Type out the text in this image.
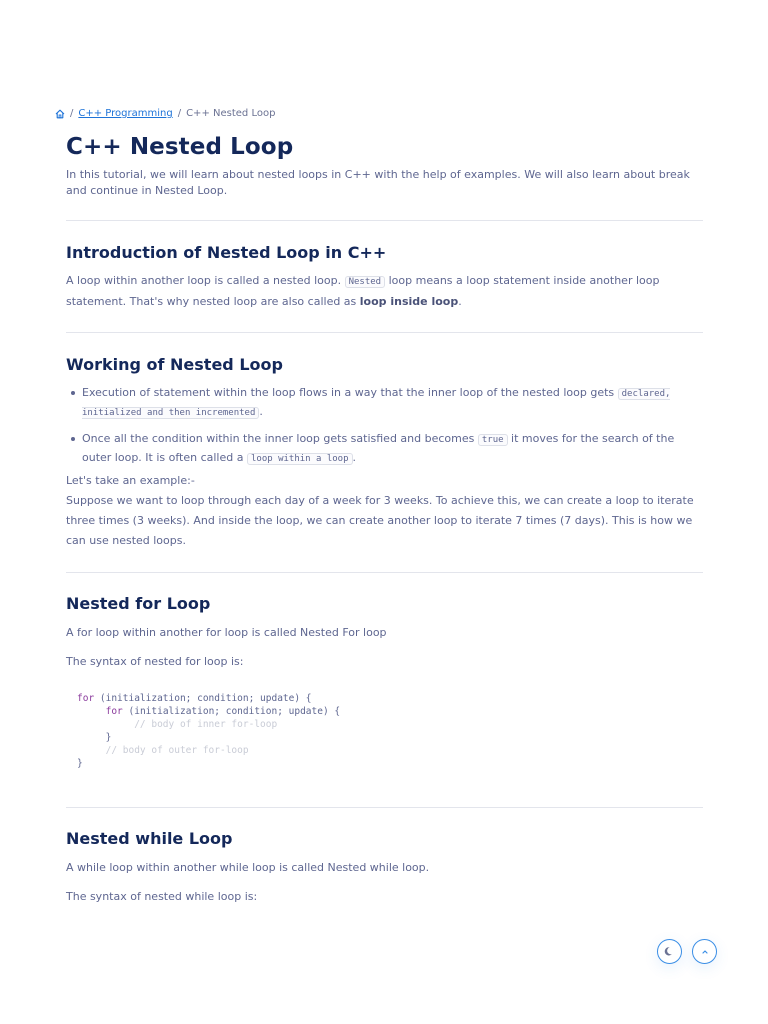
/ C++ Programming / C++ Nested Loop
C++ Nested Loop

In this tutorial, we will learn about nested loops in C++ with the help of examples. We will also learn about break and continue in Nested Loop.

Introduction of Nested Loop in C++

A loop within another loop is called a nested loop. Nested loop means a loop statement inside another loop statement. That's why nested loop are also called as loop inside loop.

Working of Nested Loop
Execution of statement within the loop flows in a way that the inner loop of the nested loop gets declared, initialized and then incremented .
Once all the condition within the inner loop gets satisfied and becomes true it moves for the search of the outer loop. It is often called a loop within a loop .

Let's take an example:-

Suppose we want to loop through each day of a week for 3 weeks. To achieve this, we can create a loop to iterate three times (3 weeks). And inside the loop, we can create another loop to iterate 7 times (7 days). This is how we can use nested loops.

Nested for Loop

A for loop within another for loop is called Nested For loop

The syntax of nested for loop is:

for (initialization; condition; update) {
for (initialization; condition; update) {
// body of inner for-loop
}
// body of outer for-loop
}
Nested while Loop

A while loop within another while loop is called Nested while loop.

The syntax of nested while loop is:
